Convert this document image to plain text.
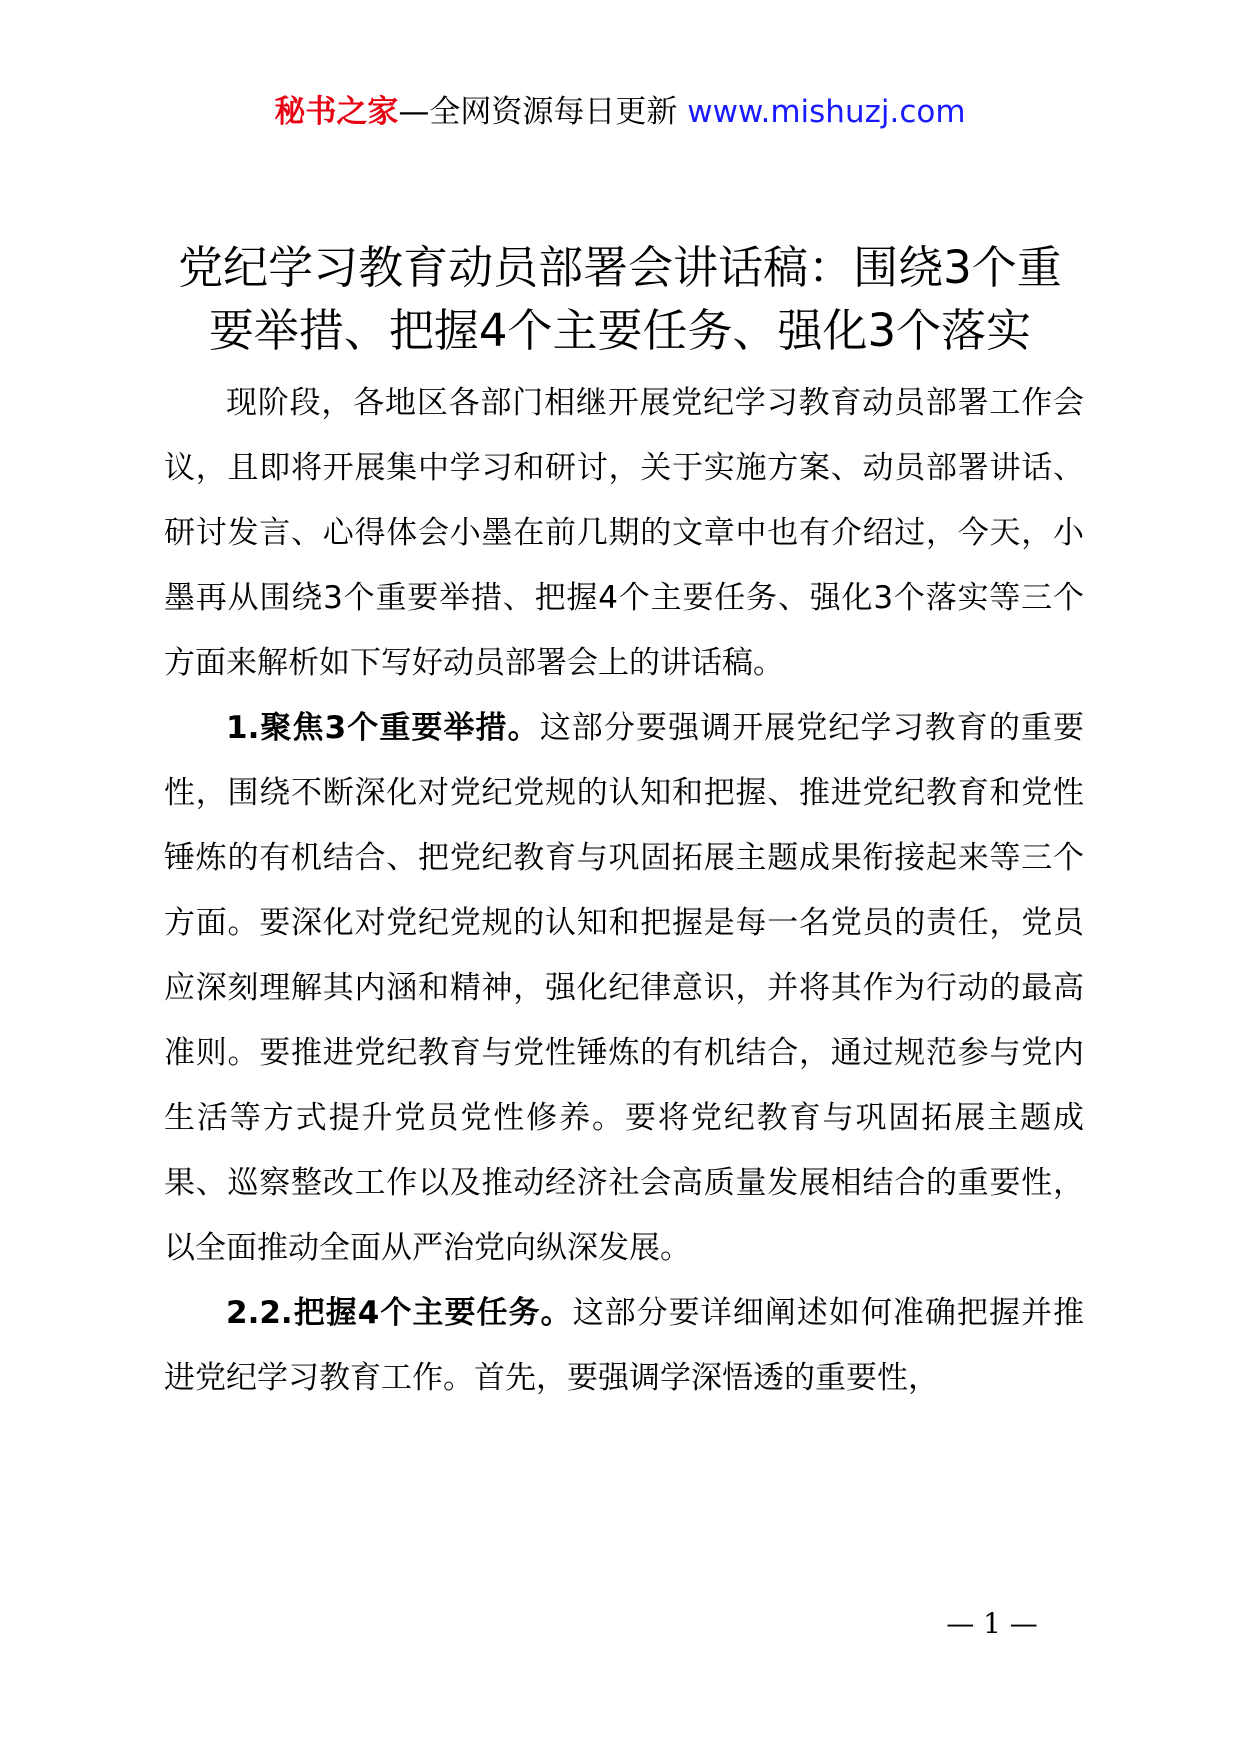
秘书之家—全网资源每日更新 www.mishuzj.com
党纪学习教育动员部署会讲话稿：围绕3个重
要举措、把握4个主要任务、强化3个落实

现阶段，各地区各部门相继开展党纪学习教育动员部署工作会议，且即将开展集中学习和研讨，关于实施方案、动员部署讲话、研讨发言、心得体会小墨在前几期的文章中也有介绍过，今天，小墨再从围绕3个重要举措、把握4个主要任务、强化3个落实等三个方面来解析如下写好动员部署会上的讲话稿。

1.聚焦3个重要举措。这部分要强调开展党纪学习教育的重要性，围绕不断深化对党纪党规的认知和把握、推进党纪教育和党性锤炼的有机结合、把党纪教育与巩固拓展主题成果衔接起来等三个方面。要深化对党纪党规的认知和把握是每一名党员的责任，党员应深刻理解其内涵和精神，强化纪律意识，并将其作为行动的最高准则。要推进党纪教育与党性锤炼的有机结合，通过规范参与党内生活等方式提升党员党性修养。要将党纪教育与巩固拓展主题成果、巡察整改工作以及推动经济社会高质量发展相结合的重要性，以全面推动全面从严治党向纵深发展。

2.2.把握4个主要任务。这部分要详细阐述如何准确把握并推进党纪学习教育工作。首先，要强调学深悟透的重要性，

— 1 —
